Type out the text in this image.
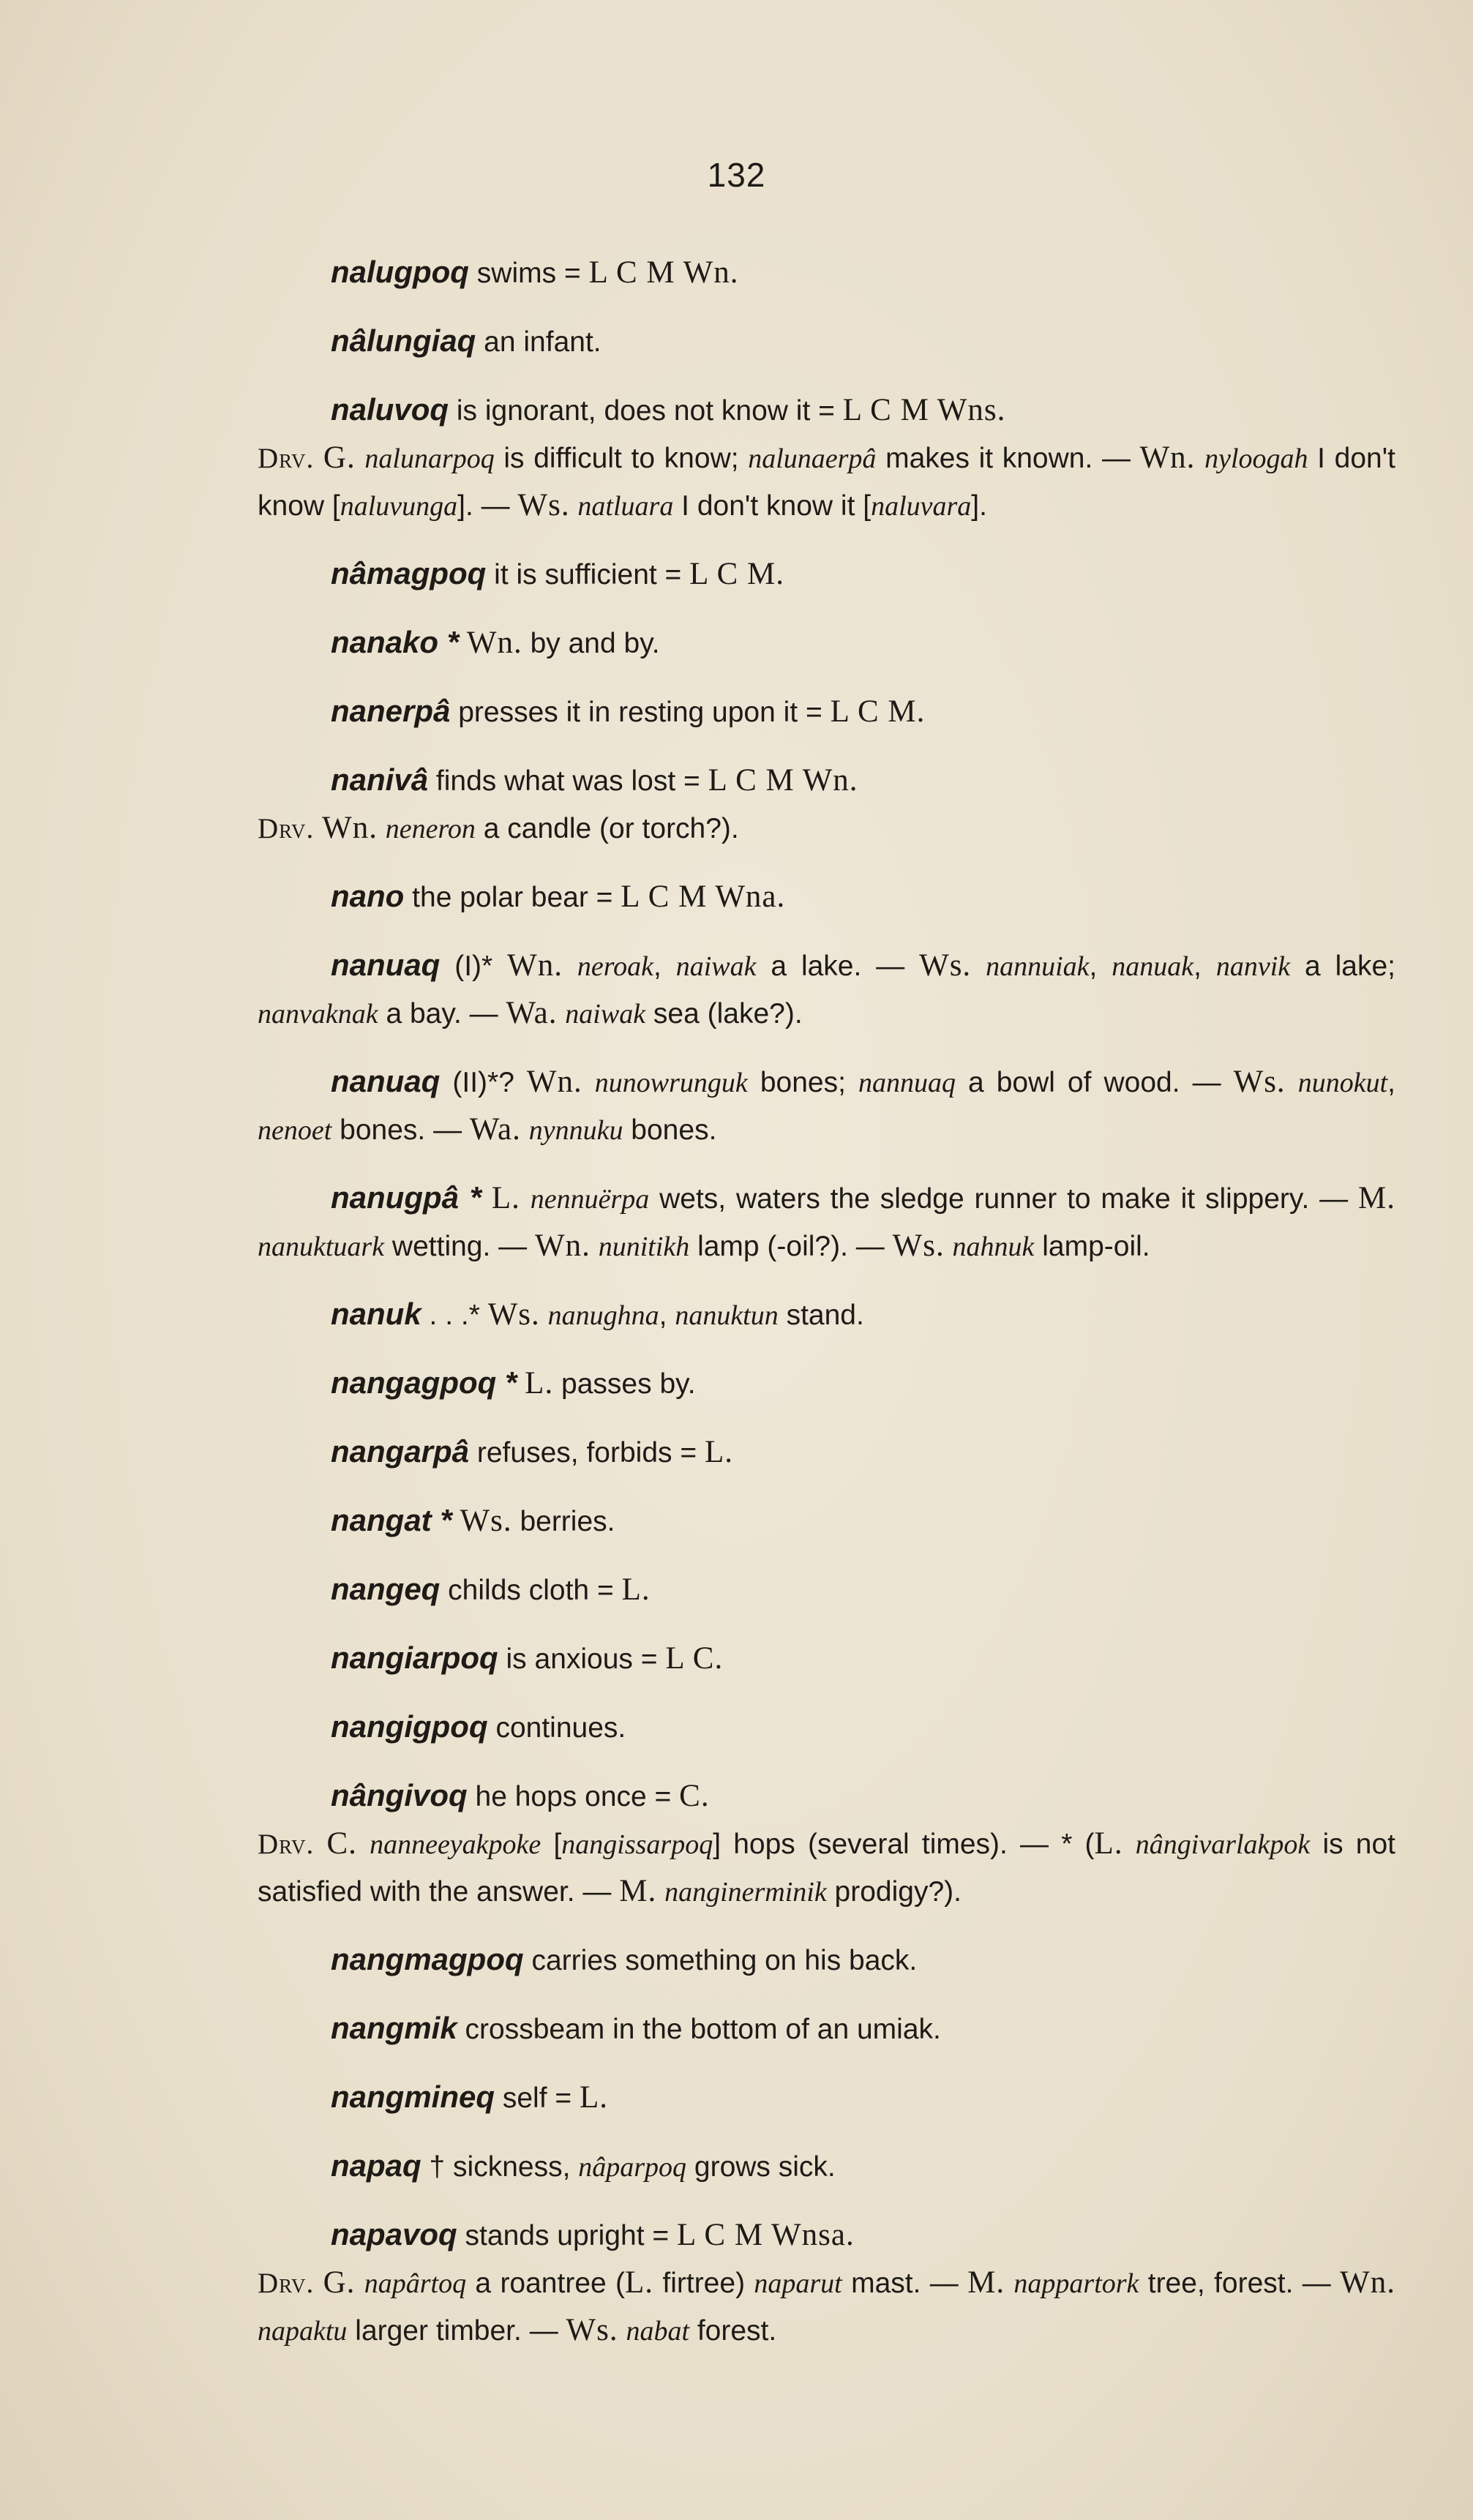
132
nalugpoq swims = L C M Wn.
nâlungiaq an infant.
naluvoq is ignorant, does not know it = L C M Wns.
Drv. G. nalunarpoq is difficult to know; nalunaerpâ makes it known. — Wn. nyloogah I don't know [naluvunga]. — Ws. natluara I don't know it [naluvara].
nâmagpoq it is sufficient = L C M.
nanako * Wn. by and by.
nanerpâ presses it in resting upon it = L C M.
nanivâ finds what was lost = L C M Wn.
Drv. Wn. neneron a candle (or torch?).
nano the polar bear = L C M Wna.
nanuaq (I)* Wn. neroak, naiwak a lake. — Ws. nannuiak, nanuak, nanvik a lake; nanvaknak a bay. — Wa. naiwak sea (lake?).
nanuaq (II)*? Wn. nunowrunguk bones; nannuaq a bowl of wood. — Ws. nunokut, nenoet bones. — Wa. nynnuku bones.
nanugpâ * L. nennuërpa wets, waters the sledge runner to make it slippery. — M. nanuktuark wetting. — Wn. nunitikh lamp (-oil?). — Ws. nahnuk lamp-oil.
nanuk . . .* Ws. nanughna, nanuktun stand.
nangagpoq * L. passes by.
nangarpâ refuses, forbids = L.
nangat * Ws. berries.
nangeq childs cloth = L.
nangiarpoq is anxious = L C.
nangigpoq continues.
nângivoq he hops once = C.
Drv. C. nanneeyakpoke [nangissarpoq] hops (several times). — * (L. nângivarlakpok is not satisfied with the answer. — M. nanginerminik prodigy?).
nangmagpoq carries something on his back.
nangmik crossbeam in the bottom of an umiak.
nangmineq self = L.
napaq † sickness, nâparpoq grows sick.
napavoq stands upright = L C M Wnsa.
Drv. G. napârtoq a roantree (L. firtree) naparut mast. — M. nappartork tree, forest. — Wn. napaktu larger timber. — Ws. nabat forest.
